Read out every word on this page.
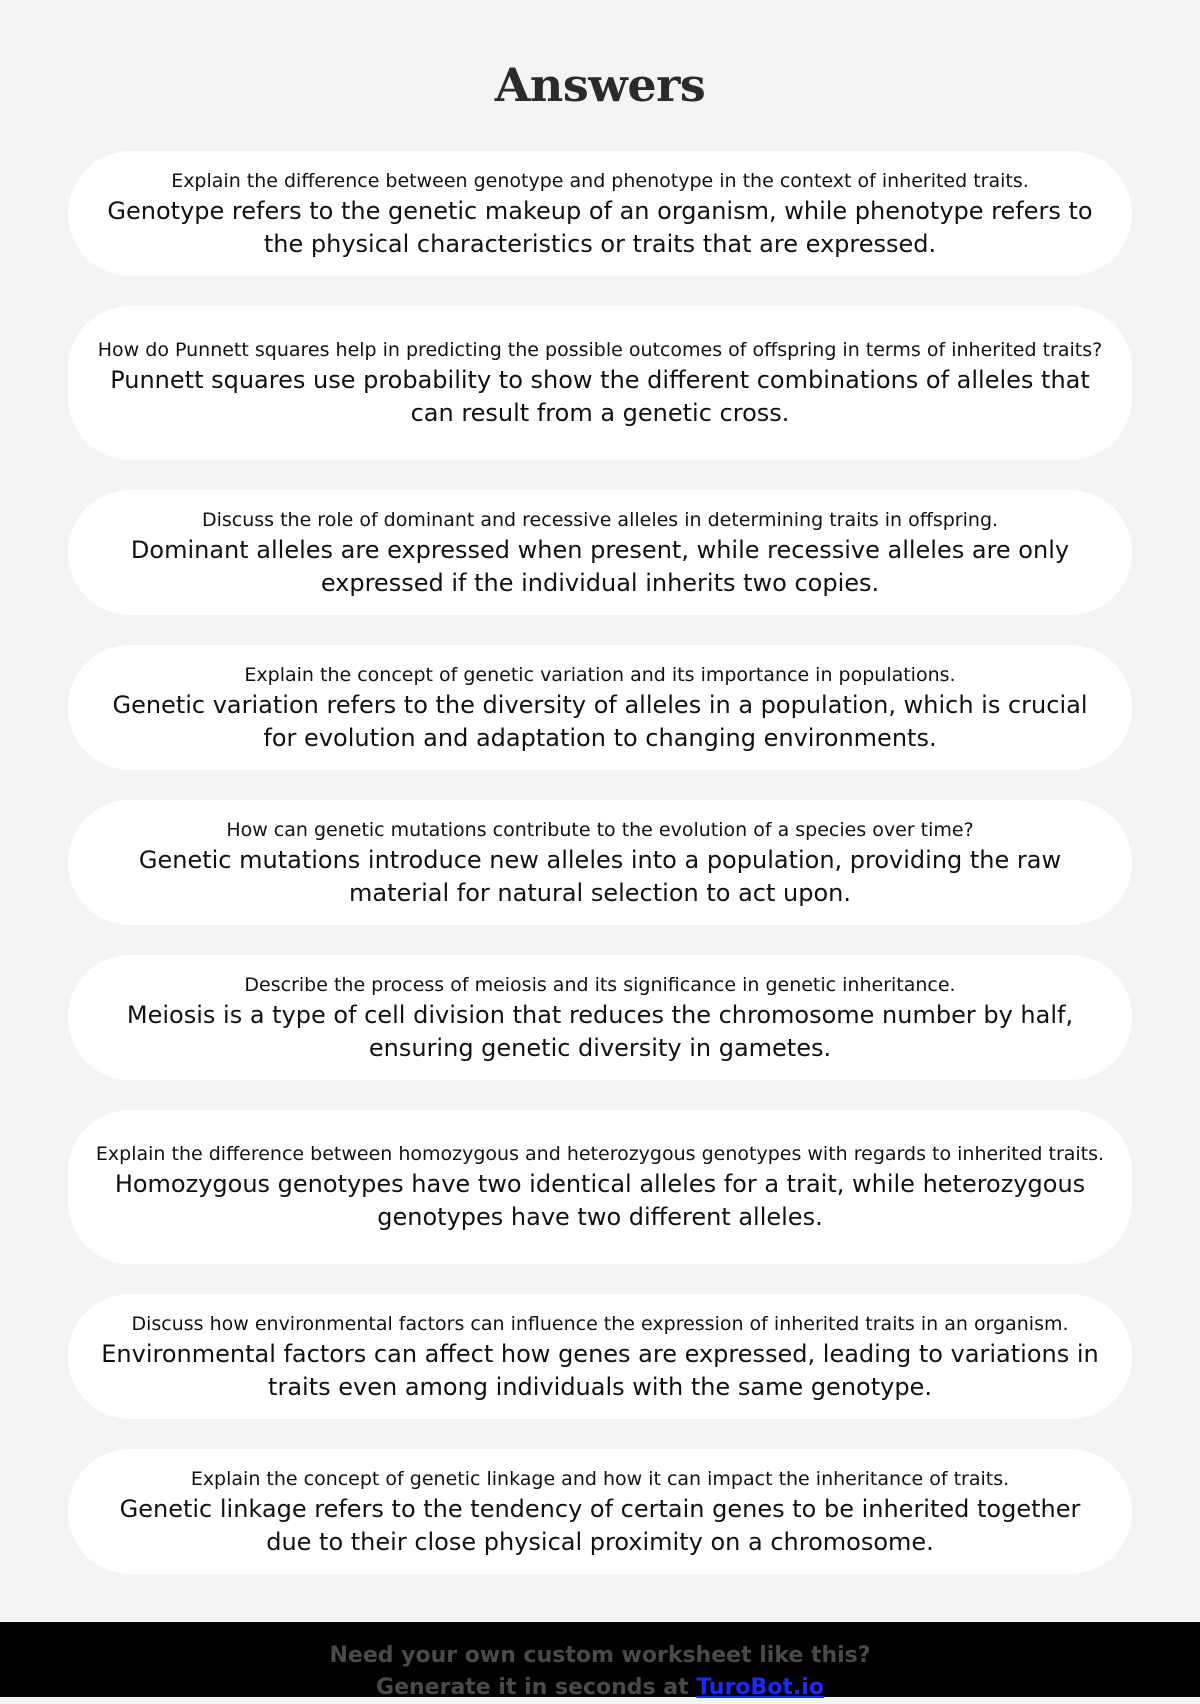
Answers
Explain the difference between genotype and phenotype in the context of inherited traits.
Genotype refers to the genetic makeup of an organism, while phenotype refers to the physical characteristics or traits that are expressed.
How do Punnett squares help in predicting the possible outcomes of offspring in terms of inherited traits?
Punnett squares use probability to show the different combinations of alleles that can result from a genetic cross.
Discuss the role of dominant and recessive alleles in determining traits in offspring.
Dominant alleles are expressed when present, while recessive alleles are only expressed if the individual inherits two copies.
Explain the concept of genetic variation and its importance in populations.
Genetic variation refers to the diversity of alleles in a population, which is crucial for evolution and adaptation to changing environments.
How can genetic mutations contribute to the evolution of a species over time?
Genetic mutations introduce new alleles into a population, providing the raw material for natural selection to act upon.
Describe the process of meiosis and its significance in genetic inheritance.
Meiosis is a type of cell division that reduces the chromosome number by half, ensuring genetic diversity in gametes.
Explain the difference between homozygous and heterozygous genotypes with regards to inherited traits.
Homozygous genotypes have two identical alleles for a trait, while heterozygous genotypes have two different alleles.
Discuss how environmental factors can influence the expression of inherited traits in an organism.
Environmental factors can affect how genes are expressed, leading to variations in traits even among individuals with the same genotype.
Explain the concept of genetic linkage and how it can impact the inheritance of traits.
Genetic linkage refers to the tendency of certain genes to be inherited together due to their close physical proximity on a chromosome.
Need your own custom worksheet like this?
Generate it in seconds at TuroBot.io
